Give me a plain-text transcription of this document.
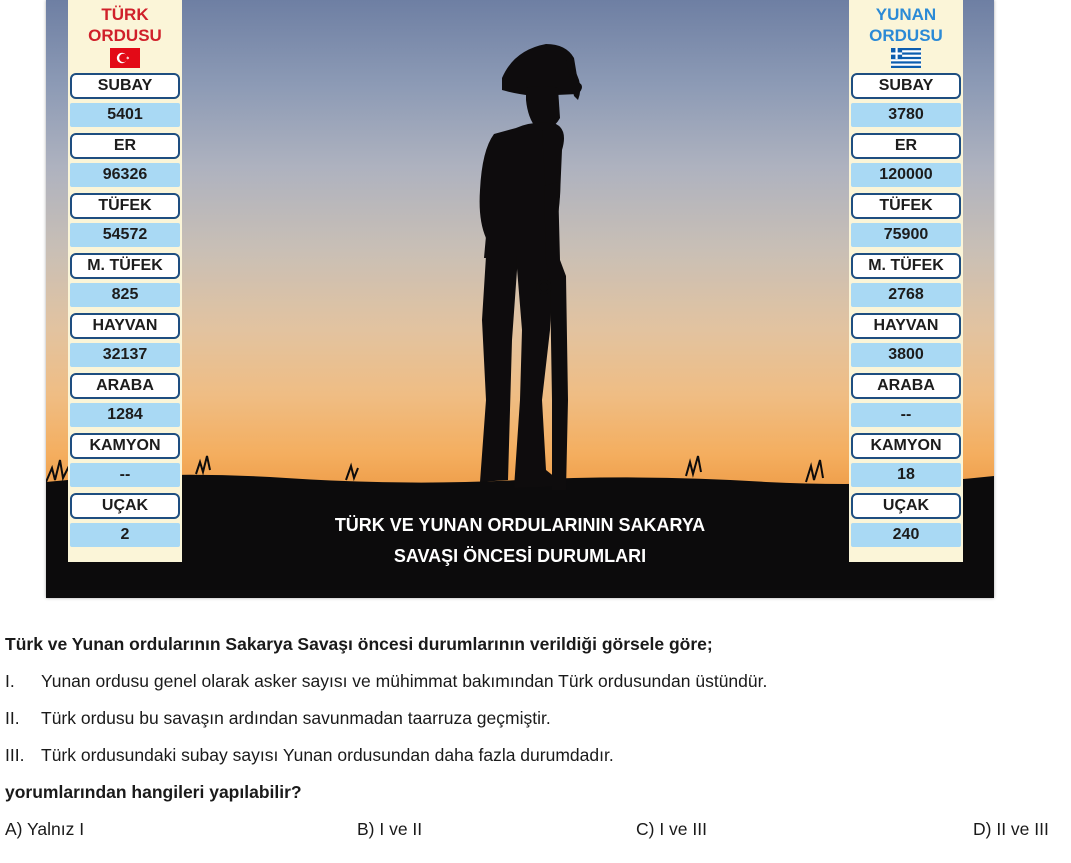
TÜRK
ORDUSU
SUBAY
5401
ER
96326
TÜFEK
54572
M. TÜFEK
825
HAYVAN
32137
ARABA
1284
KAMYON
--
UÇAK
2
YUNAN
ORDUSU
SUBAY
3780
ER
120000
TÜFEK
75900
M. TÜFEK
2768
HAYVAN
3800
ARABA
--
KAMYON
18
UÇAK
240
TÜRK VE YUNAN ORDULARININ SAKARYA
SAVAŞI ÖNCESİ DURUMLARI
Türk ve Yunan ordularının Sakarya Savaşı öncesi durumlarının verildiği görsele göre;
I.	Yunan ordusu genel olarak asker sayısı ve mühimmat bakımından Türk ordusundan üstündür.
II.	Türk ordusu bu savaşın ardından savunmadan taarruza geçmiştir.
III. Türk ordusundaki subay sayısı Yunan ordusundan daha fazla durumdadır.
yorumlarından hangileri yapılabilir?
A) Yalnız I	B) I ve II	C) I ve III	D) II ve III
